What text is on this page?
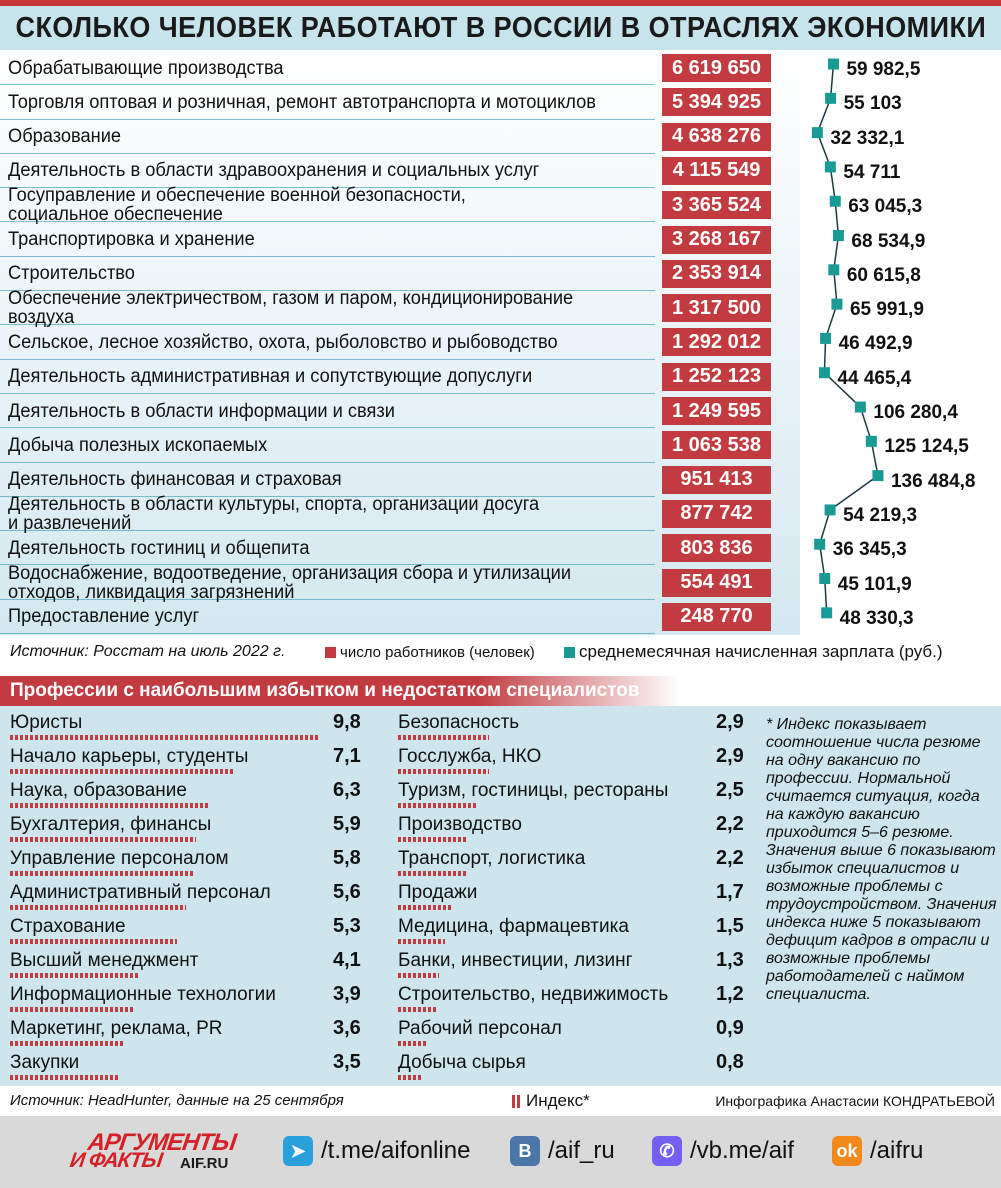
СКОЛЬКО ЧЕЛОВЕК РАБОТАЮТ В РОССИИ В ОТРАСЛЯХ ЭКОНОМИКИ
Обрабатывающие производства	6 619 650	59 982,5
Торговля оптовая и розничная, ремонт автотранспорта и мотоциклов	5 394 925	55 103
Образование	4 638 276	32 332,1
Деятельность в области здравоохранения и социальных услуг	4 115 549	54 711
Госуправление и обеспечение военной безопасности,
социальное обеспечение	3 365 524	63 045,3
Транспортировка и хранение	3 268 167	68 534,9
Строительство	2 353 914	60 615,8
Обеспечение электричеством, газом и паром, кондиционирование
воздуха	1 317 500	65 991,9
Сельское, лесное хозяйство, охота, рыболовство и рыбоводство	1 292 012	46 492,9
Деятельность административная и сопутствующие допуслуги	1 252 123	44 465,4
Деятельность в области информации и связи	1 249 595	106 280,4
Добыча полезных ископаемых	1 063 538	125 124,5
Деятельность финансовая и страховая	951 413	136 484,8
Деятельность в области культуры, спорта, организации досуга
и развлечений	877 742	54 219,3
Деятельность гостиниц и общепита	803 836	36 345,3
Водоснабжение, водоотведение, организация сбора и утилизации
отходов, ликвидация загрязнений	554 491	45 101,9
Предоставление услуг	248 770	48 330,3
Источник: Росстат на июль 2022 г.	число работников (человек)	среднемесячная начисленная зарплата (руб.)
Профессии с наибольшим избытком и недостатком специалистов
Юристы	9,8
Начало карьеры, студенты	7,1
Наука, образование	6,3
Бухгалтерия, финансы	5,9
Управление персоналом	5,8
Административный персонал	5,6
Страхование	5,3
Высший менеджмент	4,1
Информационные технологии	3,9
Маркетинг, реклама, PR	3,6
Закупки	3,5
Безопасность	2,9
Госслужба, НКО	2,9
Туризм, гостиницы, рестораны 2,5
Производство	2,2
Транспорт, логистика	2,2
Продажи	1,7
Медицина, фармацевтика	1,5
Банки, инвестиции, лизинг	1,3
Строительство, недвижимость 1,2
Рабочий персонал	0,9
Добыча сырья	0,8
* Индекс показывает соотношение числа резюме на одну вакансию по профессии. Нормальной считается ситуация, когда на каждую вакансию приходится 5–6 резюме. Значения выше 6 показывают избыток специалистов и возможные проблемы с трудоустройством. Значения индекса ниже 5 показывают дефицит кадров в отрасли и возможные проблемы работодателей с наймом специалиста.
Источник: HeadHunter, данные на 25 сентября	Индекс*	Инфографика Анастасии КОНДРАТЬЕВОЙ
АРГУМЕНТЫ
И ФАКТЫ AIF.RU
➤ /t.me/aifonline	В /aif_ru	✆ /vb.me/aif ok /aifru
